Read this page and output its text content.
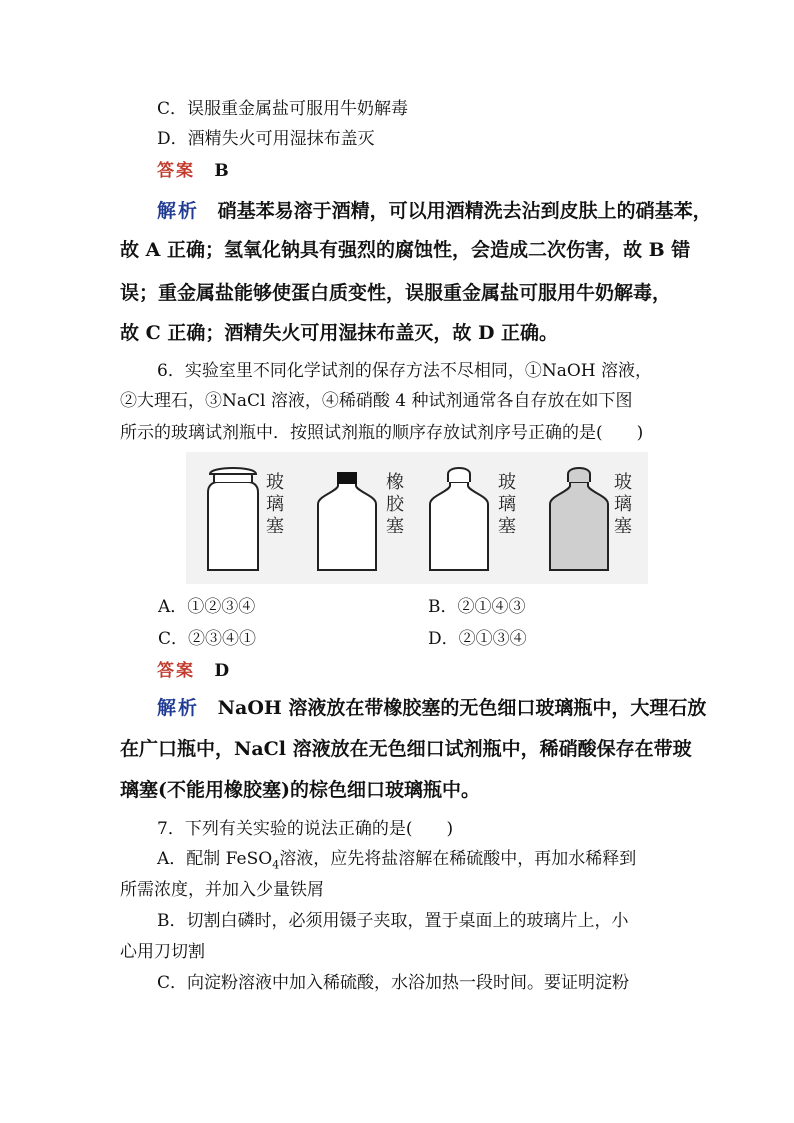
C．误服重金属盐可服用牛奶解毒
D．酒精失火可用湿抹布盖灭
答案 B
解析 硝基苯易溶于酒精，可以用酒精洗去沾到皮肤上的硝基苯，
故 A 正确；氢氧化钠具有强烈的腐蚀性，会造成二次伤害，故 B 错
误；重金属盐能够使蛋白质变性，误服重金属盐可服用牛奶解毒，
故 C 正确；酒精失火可用湿抹布盖灭，故 D 正确。
6．实验室里不同化学试剂的保存方法不尽相同，①NaOH 溶液，
②大理石，③NaCl 溶液，④稀硝酸 4 种试剂通常各自存放在如下图
所示的玻璃试剂瓶中．按照试剂瓶的顺序存放试剂序号正确的是(　　)
玻
璃
塞
橡
胶
塞
玻
璃
塞
玻
璃
塞
A．①②③④	B．②①④③
C．②③④①	D．②①③④
答案 D
解析 NaOH 溶液放在带橡胶塞的无色细口玻璃瓶中，大理石放
在广口瓶中，NaCl 溶液放在无色细口试剂瓶中，稀硝酸保存在带玻
璃塞(不能用橡胶塞)的棕色细口玻璃瓶中。
7．下列有关实验的说法正确的是(　　)
A．配制 FeSO$_4$溶液，应先将盐溶解在稀硫酸中，再加水稀释到
所需浓度，并加入少量铁屑
B．切割白磷时，必须用镊子夹取，置于桌面上的玻璃片上，小
心用刀切割
C．向淀粉溶液中加入稀硫酸，水浴加热一段时间。要证明淀粉
